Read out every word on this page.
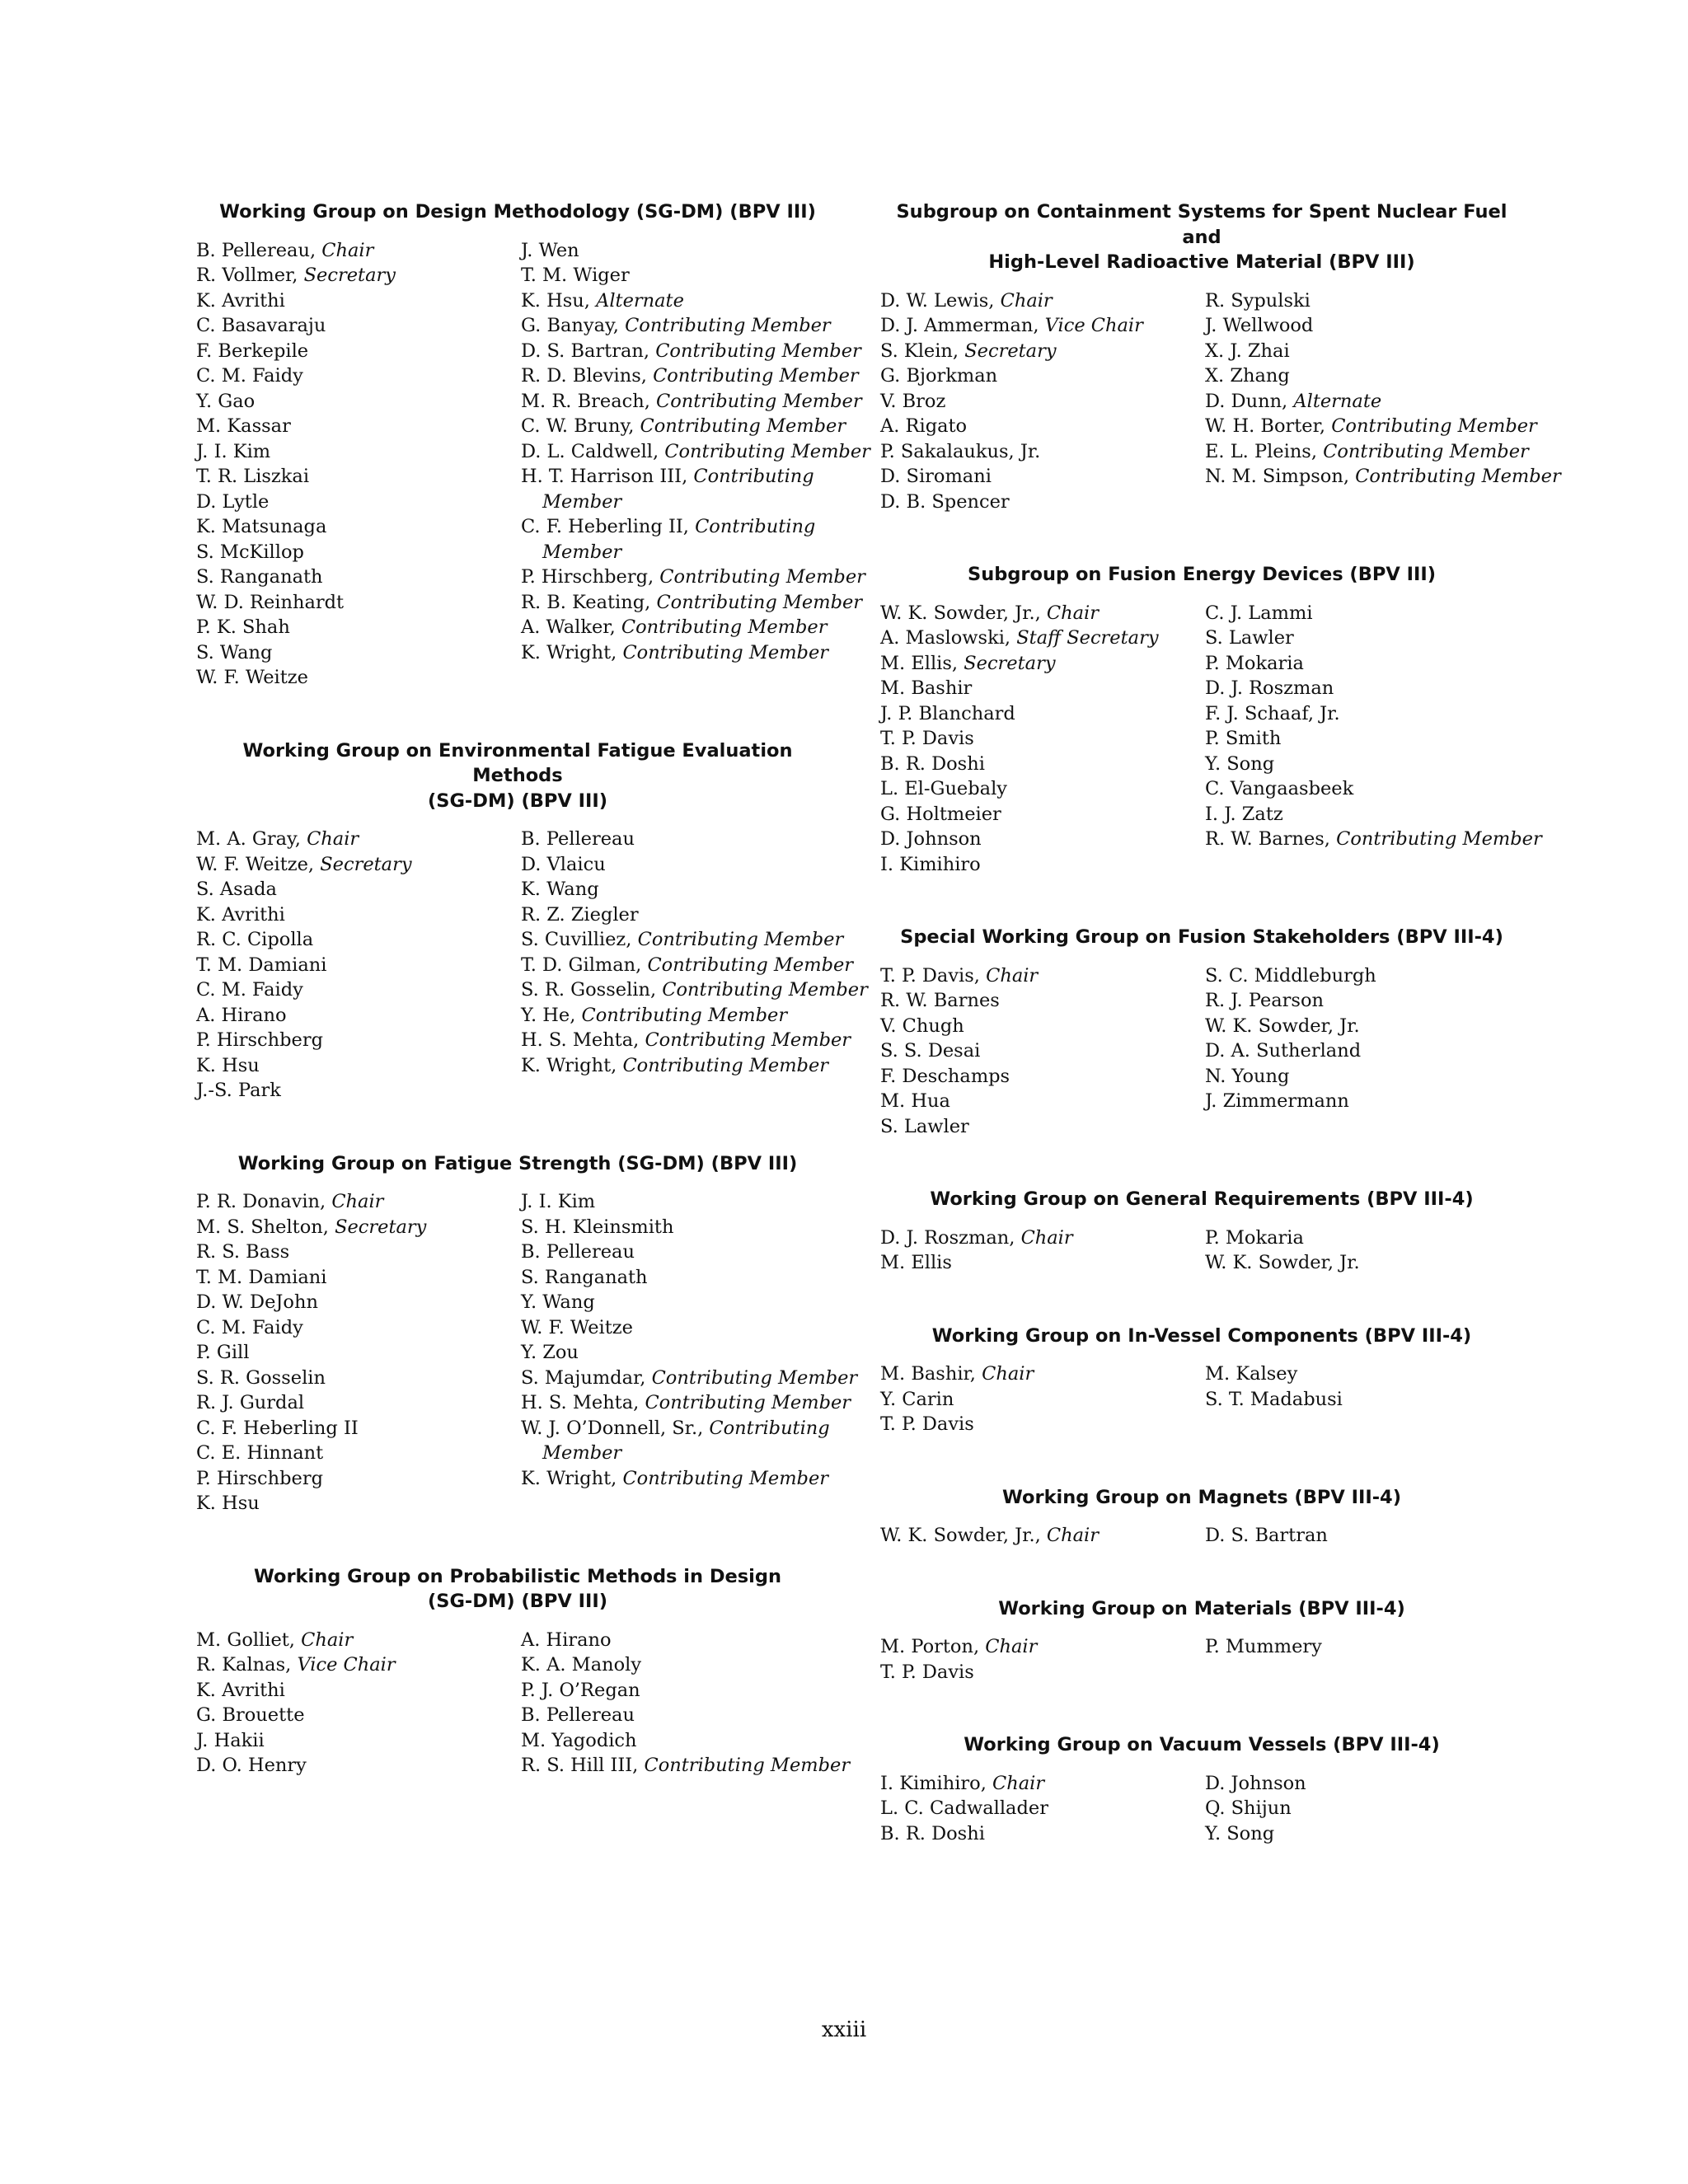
Working Group on Design Methodology (SG-DM) (BPV III)
B. Pellereau, Chair
R. Vollmer, Secretary
K. Avrithi
C. Basavaraju
F. Berkepile
C. M. Faidy
Y. Gao
M. Kassar
J. I. Kim
T. R. Liszkai
D. Lytle
K. Matsunaga
S. McKillop
S. Ranganath
W. D. Reinhardt
P. K. Shah
S. Wang
W. F. Weitze
J. Wen
T. M. Wiger
K. Hsu, Alternate
G. Banyay, Contributing Member
D. S. Bartran, Contributing Member
R. D. Blevins, Contributing Member
M. R. Breach, Contributing Member
C. W. Bruny, Contributing Member
D. L. Caldwell, Contributing Member
H. T. Harrison III, Contributing Member
C. F. Heberling II, Contributing Member
P. Hirschberg, Contributing Member
R. B. Keating, Contributing Member
A. Walker, Contributing Member
K. Wright, Contributing Member
Working Group on Environmental Fatigue Evaluation Methods
(SG-DM) (BPV III)
M. A. Gray, Chair
W. F. Weitze, Secretary
S. Asada
K. Avrithi
R. C. Cipolla
T. M. Damiani
C. M. Faidy
A. Hirano
P. Hirschberg
K. Hsu
J.-S. Park
B. Pellereau
D. Vlaicu
K. Wang
R. Z. Ziegler
S. Cuvilliez, Contributing Member
T. D. Gilman, Contributing Member
S. R. Gosselin, Contributing Member
Y. He, Contributing Member
H. S. Mehta, Contributing Member
K. Wright, Contributing Member
Working Group on Fatigue Strength (SG-DM) (BPV III)
P. R. Donavin, Chair
M. S. Shelton, Secretary
R. S. Bass
T. M. Damiani
D. W. DeJohn
C. M. Faidy
P. Gill
S. R. Gosselin
R. J. Gurdal
C. F. Heberling II
C. E. Hinnant
P. Hirschberg
K. Hsu
J. I. Kim
S. H. Kleinsmith
B. Pellereau
S. Ranganath
Y. Wang
W. F. Weitze
Y. Zou
S. Majumdar, Contributing Member
H. S. Mehta, Contributing Member
W. J. O’Donnell, Sr., Contributing Member
K. Wright, Contributing Member
Working Group on Probabilistic Methods in Design
(SG-DM) (BPV III)
M. Golliet, Chair
R. Kalnas, Vice Chair
K. Avrithi
G. Brouette
J. Hakii
D. O. Henry
A. Hirano
K. A. Manoly
P. J. O’Regan
B. Pellereau
M. Yagodich
R. S. Hill III, Contributing Member
Subgroup on Containment Systems for Spent Nuclear Fuel and
High-Level Radioactive Material (BPV III)
D. W. Lewis, Chair
D. J. Ammerman, Vice Chair
S. Klein, Secretary
G. Bjorkman
V. Broz
A. Rigato
P. Sakalaukus, Jr.
D. Siromani
D. B. Spencer
R. Sypulski
J. Wellwood
X. J. Zhai
X. Zhang
D. Dunn, Alternate
W. H. Borter, Contributing Member
E. L. Pleins, Contributing Member
N. M. Simpson, Contributing Member
Subgroup on Fusion Energy Devices (BPV III)
W. K. Sowder, Jr., Chair
A. Maslowski, Staff Secretary
M. Ellis, Secretary
M. Bashir
J. P. Blanchard
T. P. Davis
B. R. Doshi
L. El-Guebaly
G. Holtmeier
D. Johnson
I. Kimihiro
C. J. Lammi
S. Lawler
P. Mokaria
D. J. Roszman
F. J. Schaaf, Jr.
P. Smith
Y. Song
C. Vangaasbeek
I. J. Zatz
R. W. Barnes, Contributing Member
Special Working Group on Fusion Stakeholders (BPV III-4)
T. P. Davis, Chair
R. W. Barnes
V. Chugh
S. S. Desai
F. Deschamps
M. Hua
S. Lawler
S. C. Middleburgh
R. J. Pearson
W. K. Sowder, Jr.
D. A. Sutherland
N. Young
J. Zimmermann
Working Group on General Requirements (BPV III-4)
D. J. Roszman, Chair
M. Ellis
P. Mokaria
W. K. Sowder, Jr.
Working Group on In-Vessel Components (BPV III-4)
M. Bashir, Chair
Y. Carin
T. P. Davis
M. Kalsey
S. T. Madabusi
Working Group on Magnets (BPV III-4)
W. K. Sowder, Jr., Chair	D. S. Bartran
Working Group on Materials (BPV III-4)
M. Porton, Chair
T. P. Davis
P. Mummery
Working Group on Vacuum Vessels (BPV III-4)
I. Kimihiro, Chair
L. C. Cadwallader
B. R. Doshi
D. Johnson
Q. Shijun
Y. Song
xxiii
